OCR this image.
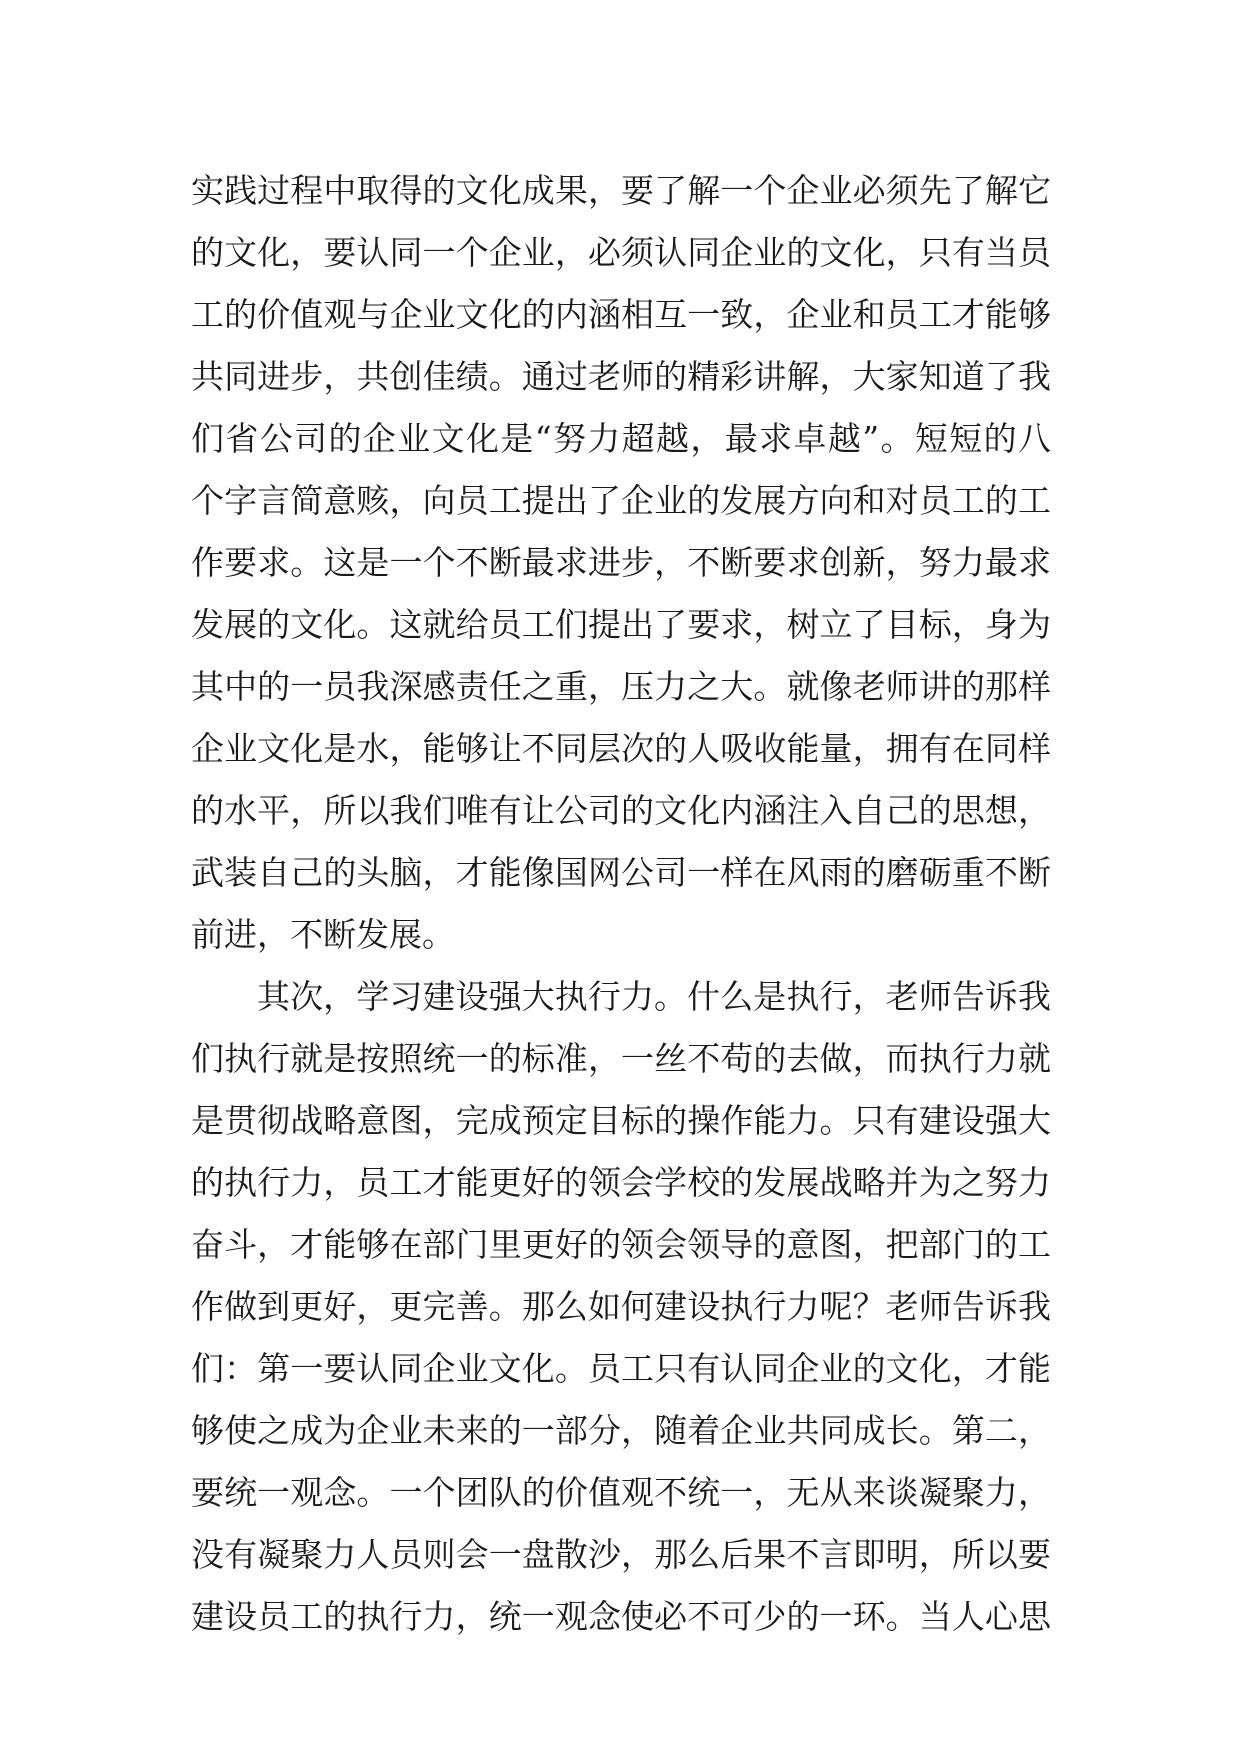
实践过程中取得的文化成果，要了解一个企业必须先了解它
的文化，要认同一个企业，必须认同企业的文化，只有当员
工的价值观与企业文化的内涵相互一致，企业和员工才能够
共同进步，共创佳绩。通过老师的精彩讲解，大家知道了我
们省公司的企业文化是“努力超越，最求卓越”。短短的八
个字言简意赅，向员工提出了企业的发展方向和对员工的工
作要求。这是一个不断最求进步，不断要求创新，努力最求
发展的文化。这就给员工们提出了要求，树立了目标，身为
其中的一员我深感责任之重，压力之大。就像老师讲的那样
企业文化是水，能够让不同层次的人吸收能量，拥有在同样
的水平，所以我们唯有让公司的文化内涵注入自己的思想，
武装自己的头脑，才能像国网公司一样在风雨的磨砺重不断
前进，不断发展。
其次，学习建设强大执行力。什么是执行，老师告诉我
们执行就是按照统一的标准，一丝不苟的去做，而执行力就
是贯彻战略意图，完成预定目标的操作能力。只有建设强大
的执行力，员工才能更好的领会学校的发展战略并为之努力
奋斗，才能够在部门里更好的领会领导的意图，把部门的工
作做到更好，更完善。那么如何建设执行力呢？老师告诉我
们：第一要认同企业文化。员工只有认同企业的文化，才能
够使之成为企业未来的一部分，随着企业共同成长。第二，
要统一观念。一个团队的价值观不统一，无从来谈凝聚力，
没有凝聚力人员则会一盘散沙，那么后果不言即明，所以要
建设员工的执行力，统一观念使必不可少的一环。当人心思
